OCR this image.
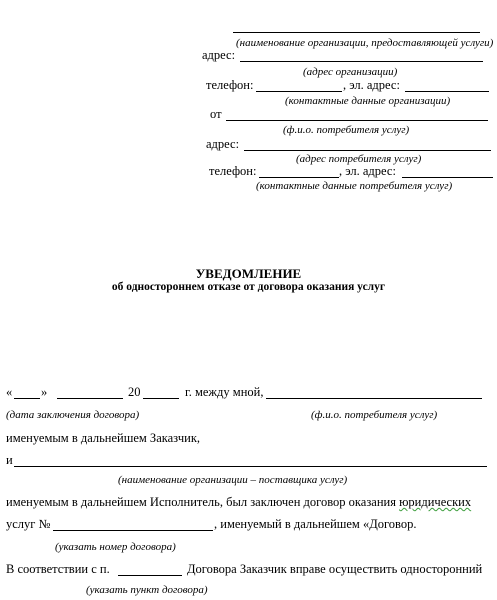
(наименование организации, предоставляющей услуги)
адрес:
(адрес организации)
телефон:	, эл. адрес:
(контактные данные организации)
от
(ф.и.о. потребителя услуг)
адрес:
(адрес потребителя услуг)
телефон:	, эл. адрес:
(контактные данные потребителя услуг)
УВЕДОМЛЕНИЕ
об одностороннем отказе от договора оказания услуг
« »	20	г. между мной,
(дата заключения договора)	(ф.и.о. потребителя услуг)
именуемым в дальнейшем Заказчик,
и
(наименование организации – поставщика услуг)
именуемым в дальнейшем Исполнитель, был заключен договор оказания юридических
услуг №	, именуемый в дальнейшем «Договор.
(указать номер договора)
В соответствии с п.	Договора Заказчик вправе осуществить односторонний
(указать пункт договора)
